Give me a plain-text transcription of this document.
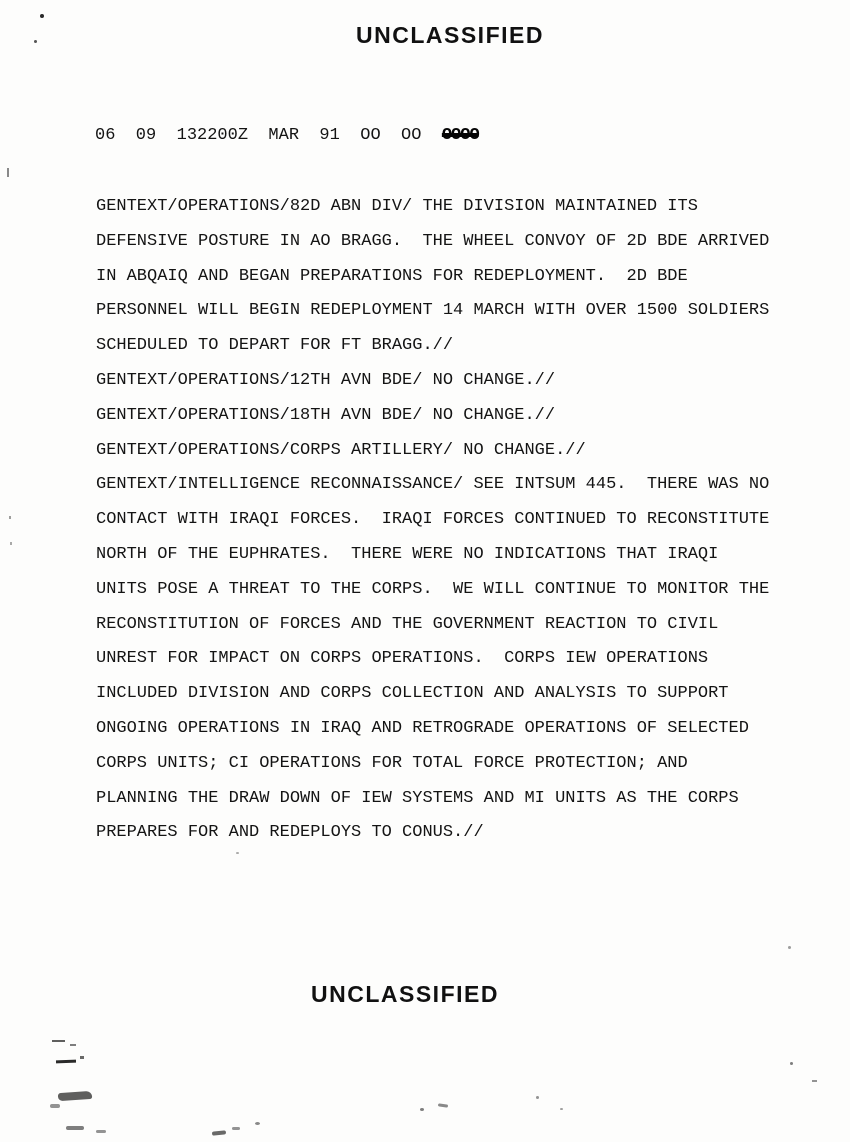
UNCLASSIFIED
06  09  132200Z  MAR  91  OO  OO  OOOO
GENTEXT/OPERATIONS/82D ABN DIV/ THE DIVISION MAINTAINED ITS
DEFENSIVE POSTURE IN AO BRAGG.  THE WHEEL CONVOY OF 2D BDE ARRIVED
IN ABQAIQ AND BEGAN PREPARATIONS FOR REDEPLOYMENT.  2D BDE
PERSONNEL WILL BEGIN REDEPLOYMENT 14 MARCH WITH OVER 1500 SOLDIERS
SCHEDULED TO DEPART FOR FT BRAGG.//
GENTEXT/OPERATIONS/12TH AVN BDE/ NO CHANGE.//
GENTEXT/OPERATIONS/18TH AVN BDE/ NO CHANGE.//
GENTEXT/OPERATIONS/CORPS ARTILLERY/ NO CHANGE.//
GENTEXT/INTELLIGENCE RECONNAISSANCE/ SEE INTSUM 445.  THERE WAS NO
CONTACT WITH IRAQI FORCES.  IRAQI FORCES CONTINUED TO RECONSTITUTE
NORTH OF THE EUPHRATES.  THERE WERE NO INDICATIONS THAT IRAQI
UNITS POSE A THREAT TO THE CORPS.  WE WILL CONTINUE TO MONITOR THE
RECONSTITUTION OF FORCES AND THE GOVERNMENT REACTION TO CIVIL
UNREST FOR IMPACT ON CORPS OPERATIONS.  CORPS IEW OPERATIONS
INCLUDED DIVISION AND CORPS COLLECTION AND ANALYSIS TO SUPPORT
ONGOING OPERATIONS IN IRAQ AND RETROGRADE OPERATIONS OF SELECTED
CORPS UNITS; CI OPERATIONS FOR TOTAL FORCE PROTECTION; AND
PLANNING THE DRAW DOWN OF IEW SYSTEMS AND MI UNITS AS THE CORPS
PREPARES FOR AND REDEPLOYS TO CONUS.//
UNCLASSIFIED
